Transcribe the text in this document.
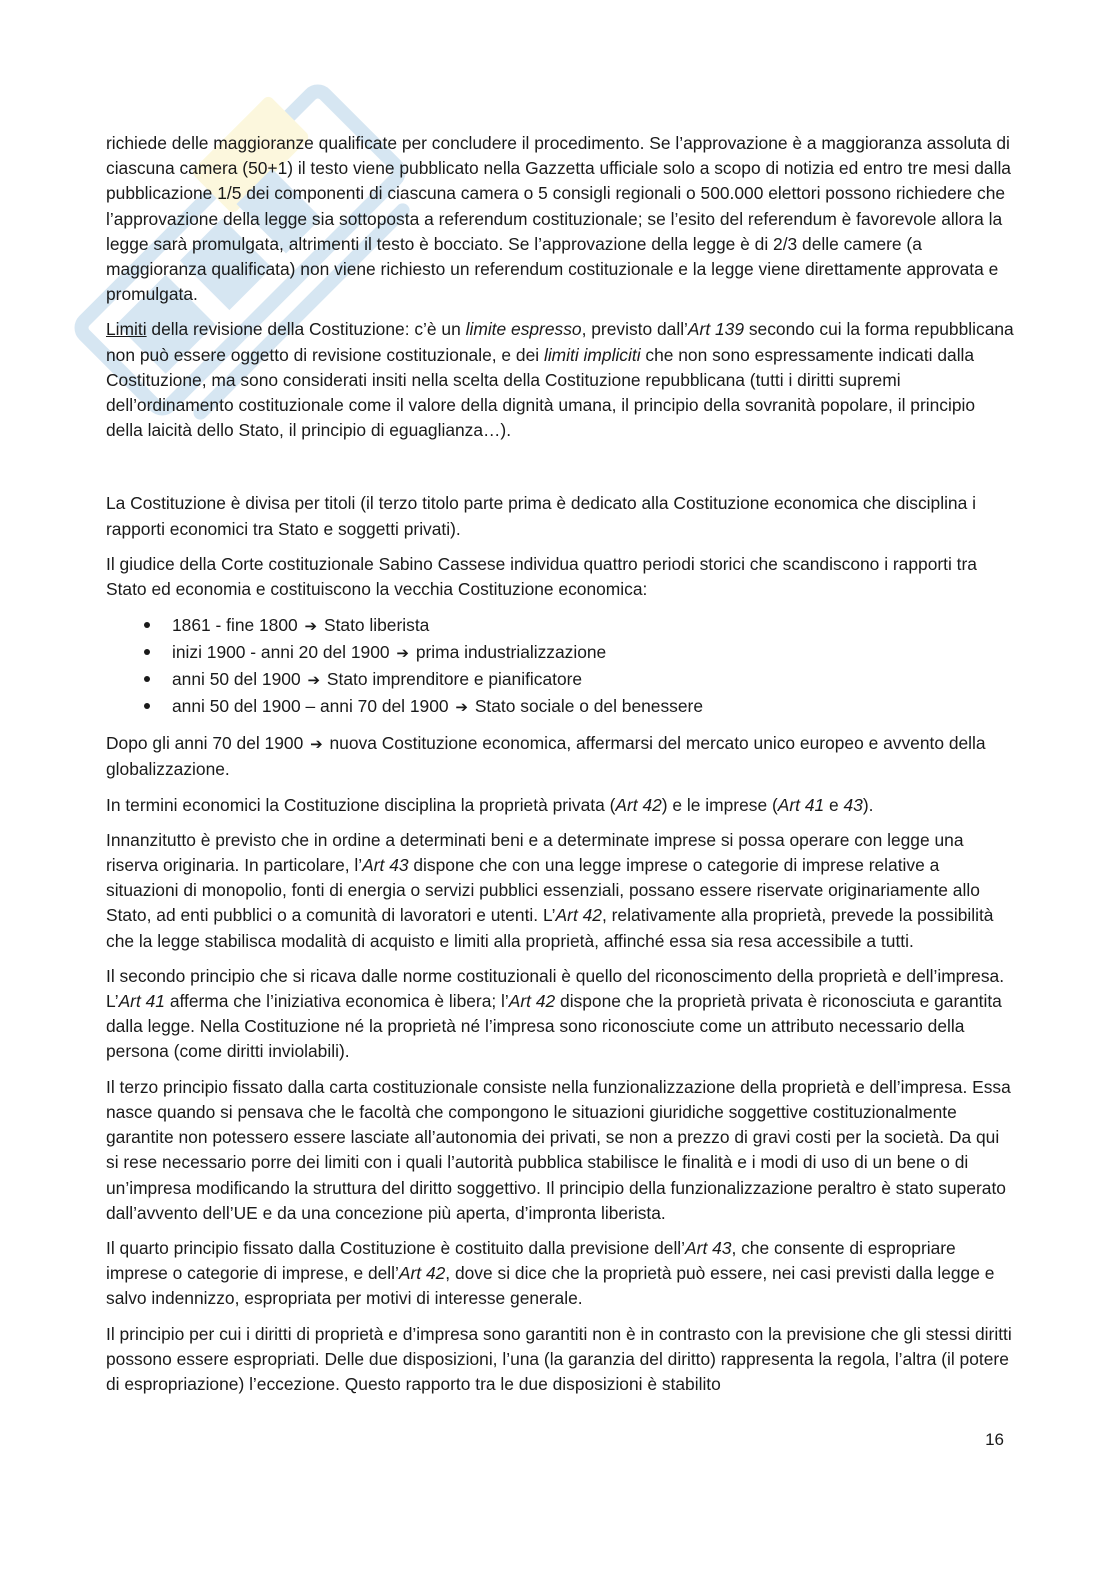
richiede delle maggioranze qualificate per concludere il procedimento. Se l’approvazione è a maggioranza assoluta di ciascuna camera (50+1) il testo viene pubblicato nella Gazzetta ufficiale solo a scopo di notizia ed entro tre mesi dalla pubblicazione 1/5 dei componenti di ciascuna camera o 5 consigli regionali o 500.000 elettori possono richiedere che l’approvazione della legge sia sottoposta a referendum costituzionale; se l’esito del referendum è favorevole allora la legge sarà promulgata, altrimenti il testo è bocciato. Se l’approvazione della legge è di 2/3 delle camere (a maggioranza qualificata) non viene richiesto un referendum costituzionale e la legge viene direttamente approvata e promulgata.

Limiti della revisione della Costituzione: c’è un limite espresso, previsto dall’Art 139 secondo cui la forma repubblicana non può essere oggetto di revisione costituzionale, e dei limiti impliciti che non sono espressamente indicati dalla Costituzione, ma sono considerati insiti nella scelta della Costituzione repubblicana (tutti i diritti supremi dell’ordinamento costituzionale come il valore della dignità umana, il principio della sovranità popolare, il principio della laicità dello Stato, il principio di eguaglianza…).

La Costituzione è divisa per titoli (il terzo titolo parte prima è dedicato alla Costituzione economica che disciplina i rapporti economici tra Stato e soggetti privati).

Il giudice della Corte costituzionale Sabino Cassese individua quattro periodi storici che scandiscono i rapporti tra Stato ed economia e costituiscono la vecchia Costituzione economica:

1861 - fine 1800 ➔ Stato liberista
inizi 1900 - anni 20 del 1900 ➔ prima industrializzazione
anni 50 del 1900 ➔ Stato imprenditore e pianificatore
anni 50 del 1900 – anni 70 del 1900 ➔ Stato sociale o del benessere

Dopo gli anni 70 del 1900 ➔ nuova Costituzione economica, affermarsi del mercato unico europeo e avvento della globalizzazione.

In termini economici la Costituzione disciplina la proprietà privata (Art 42) e le imprese (Art 41 e 43).

Innanzitutto è previsto che in ordine a determinati beni e a determinate imprese si possa operare con legge una riserva originaria. In particolare, l’Art 43 dispone che con una legge imprese o categorie di imprese relative a situazioni di monopolio, fonti di energia o servizi pubblici essenziali, possano essere riservate originariamente allo Stato, ad enti pubblici o a comunità di lavoratori e utenti. L’Art 42, relativamente alla proprietà, prevede la possibilità che la legge stabilisca modalità di acquisto e limiti alla proprietà, affinché essa sia resa accessibile a tutti.

Il secondo principio che si ricava dalle norme costituzionali è quello del riconoscimento della proprietà e dell’impresa. L’Art 41 afferma che l’iniziativa economica è libera; l’Art 42 dispone che la proprietà privata è riconosciuta e garantita dalla legge. Nella Costituzione né la proprietà né l’impresa sono riconosciute come un attributo necessario della persona (come diritti inviolabili).

Il terzo principio fissato dalla carta costituzionale consiste nella funzionalizzazione della proprietà e dell’impresa. Essa nasce quando si pensava che le facoltà che compongono le situazioni giuridiche soggettive costituzionalmente garantite non potessero essere lasciate all’autonomia dei privati, se non a prezzo di gravi costi per la società. Da qui si rese necessario porre dei limiti con i quali l’autorità pubblica stabilisce le finalità e i modi di uso di un bene o di un’impresa modificando la struttura del diritto soggettivo. Il principio della funzionalizzazione peraltro è stato superato dall’avvento dell’UE e da una concezione più aperta, d’impronta liberista.

Il quarto principio fissato dalla Costituzione è costituito dalla previsione dell’Art 43, che consente di espropriare imprese o categorie di imprese, e dell’Art 42, dove si dice che la proprietà può essere, nei casi previsti dalla legge e salvo indennizzo, espropriata per motivi di interesse generale.

Il principio per cui i diritti di proprietà e d’impresa sono garantiti non è in contrasto con la previsione che gli stessi diritti possono essere espropriati. Delle due disposizioni, l’una (la garanzia del diritto) rappresenta la regola, l’altra (il potere di espropriazione) l’eccezione. Questo rapporto tra le due disposizioni è stabilito

16
